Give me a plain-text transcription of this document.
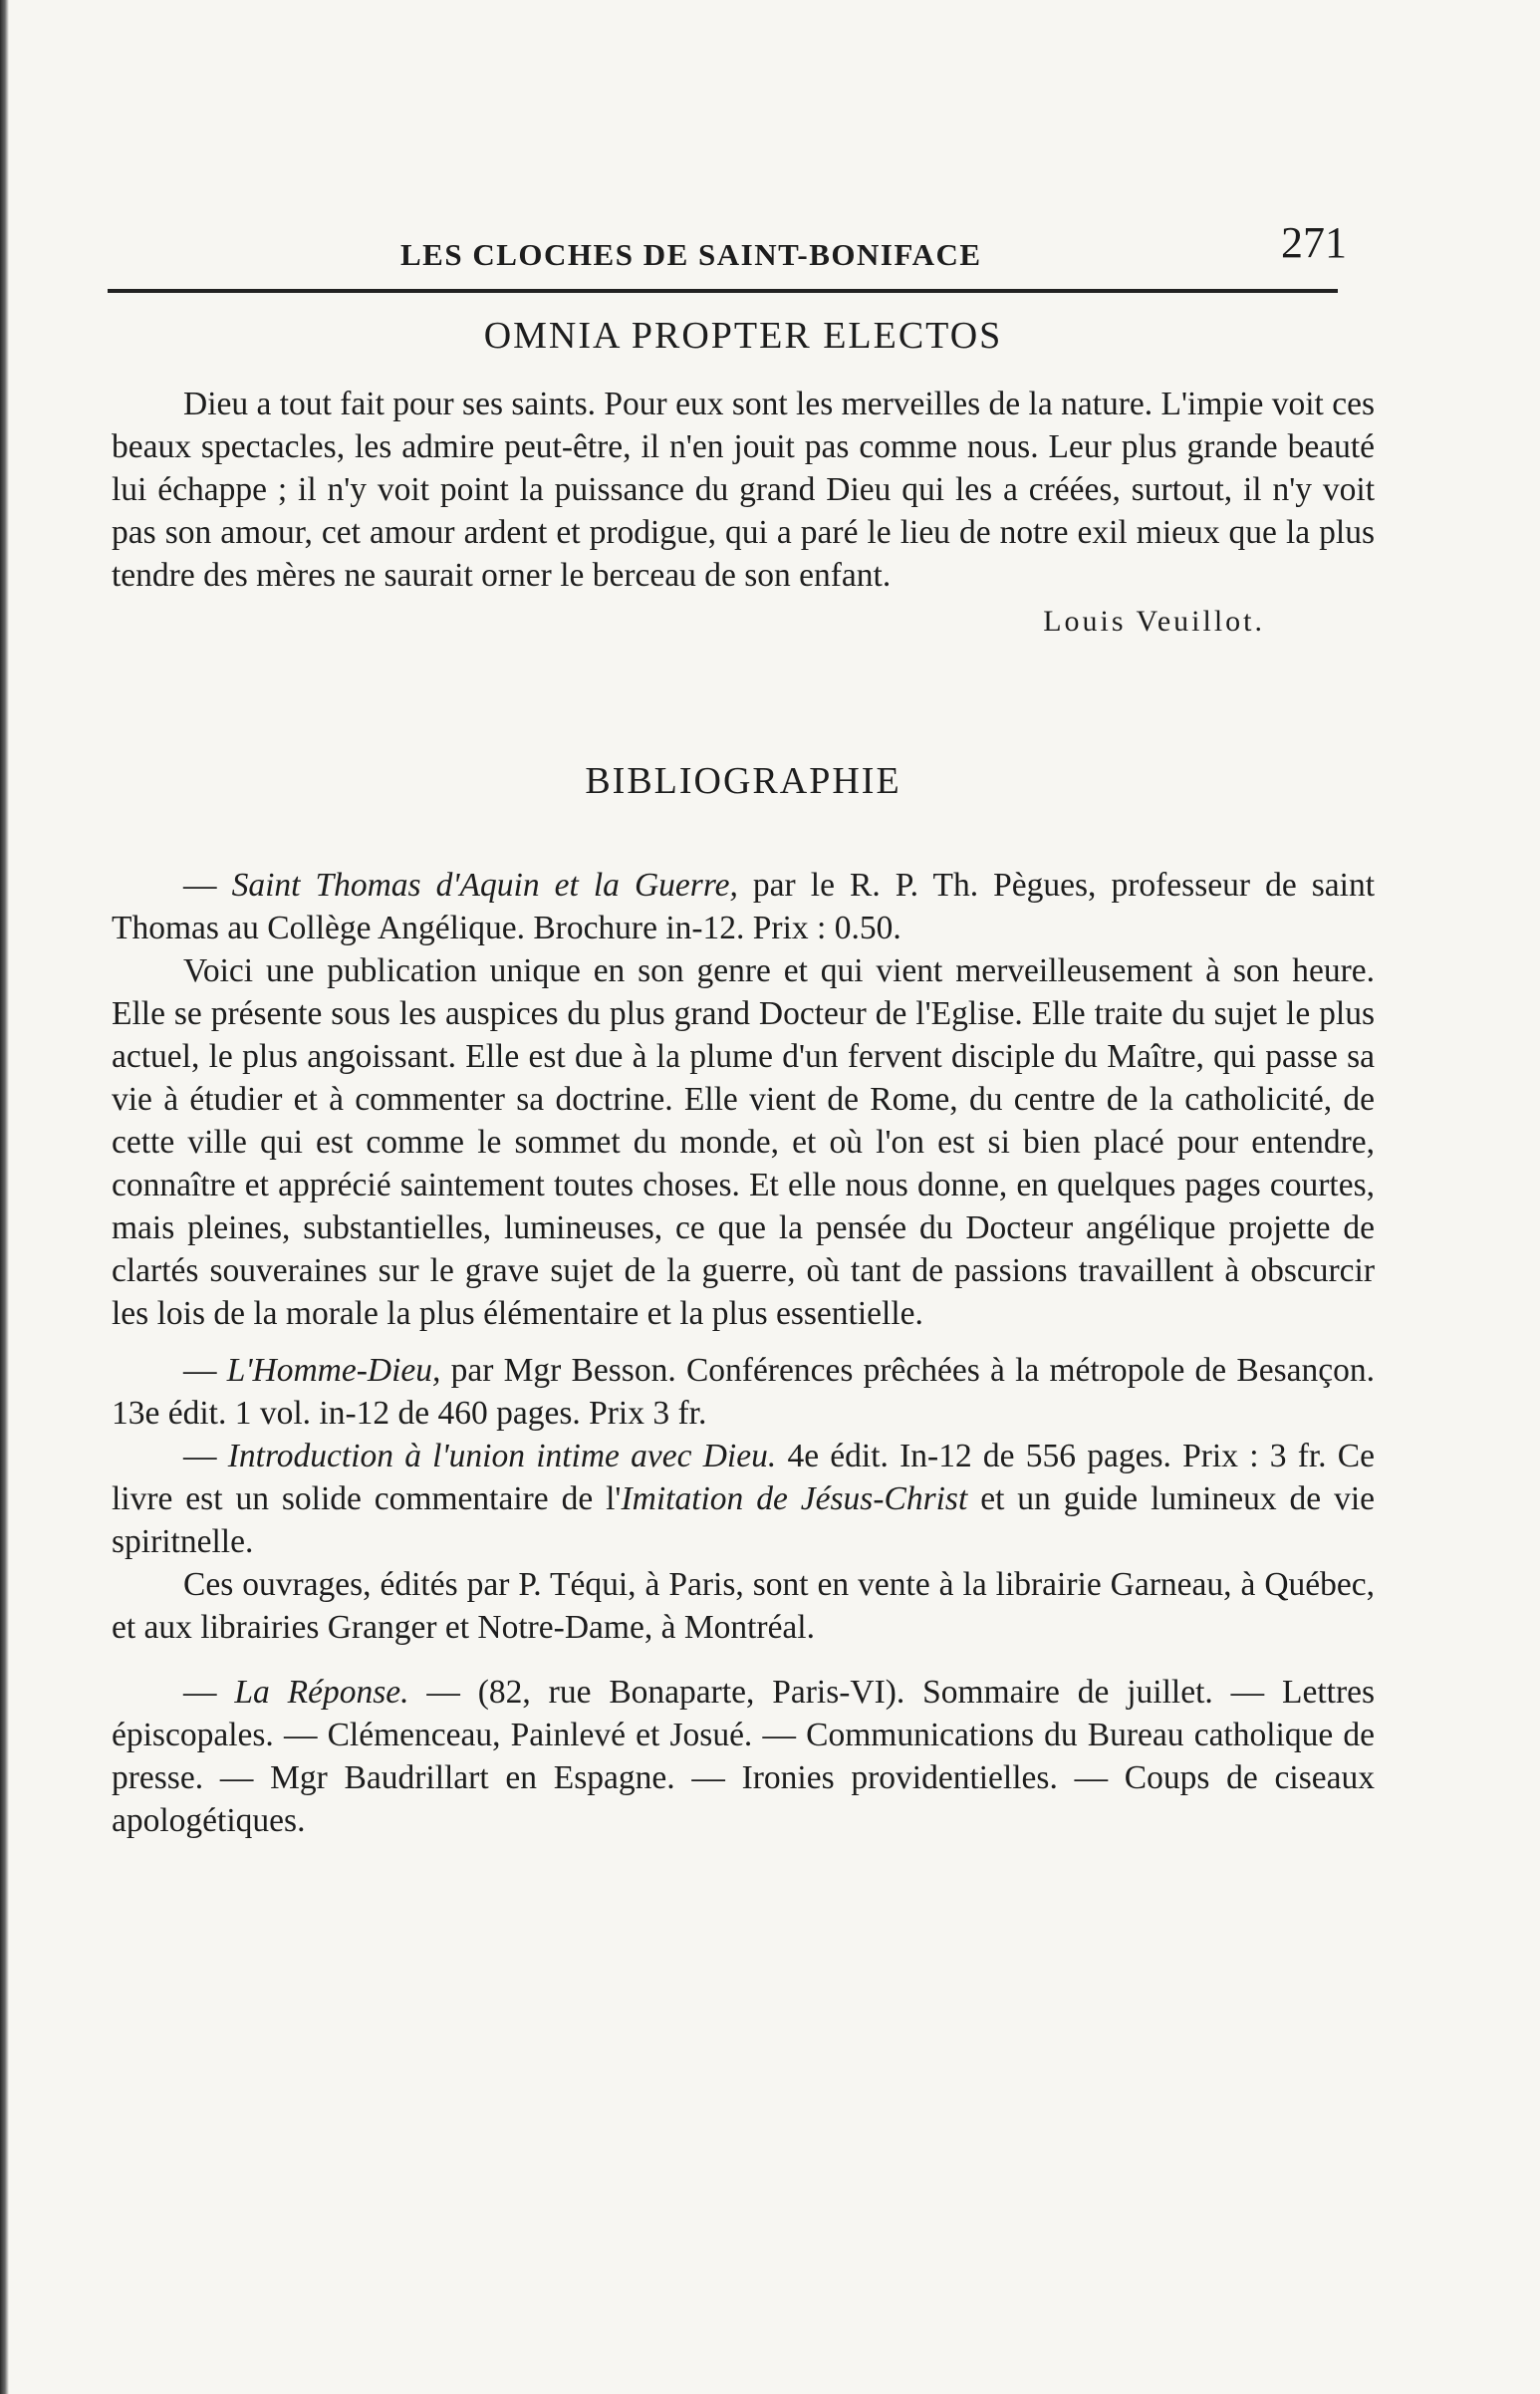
LES CLOCHES DE SAINT-BONIFACE	271
OMNIA PROPTER ELECTOS

Dieu a tout fait pour ses saints. Pour eux sont les merveilles de la nature. L'impie voit ces beaux spectacles, les admire peut-être, il n'en jouit pas comme nous. Leur plus grande beauté lui échappe ; il n'y voit point la puissance du grand Dieu qui les a créées, surtout, il n'y voit pas son amour, cet amour ardent et prodigue, qui a paré le lieu de notre exil mieux que la plus tendre des mères ne saurait orner le berceau de son enfant.

Louis Veuillot.
BIBLIOGRAPHIE

— Saint Thomas d'Aquin et la Guerre, par le R. P. Th. Pègues, professeur de saint Thomas au Collège Angélique. Brochure in-12. Prix : 0.50.

Voici une publication unique en son genre et qui vient merveilleusement à son heure. Elle se présente sous les auspices du plus grand Docteur de l'Eglise. Elle traite du sujet le plus actuel, le plus angoissant. Elle est due à la plume d'un fervent disciple du Maître, qui passe sa vie à étudier et à commenter sa doctrine. Elle vient de Rome, du centre de la catholicité, de cette ville qui est comme le sommet du monde, et où l'on est si bien placé pour entendre, connaître et apprécié saintement toutes choses. Et elle nous donne, en quelques pages courtes, mais pleines, substantielles, lumineuses, ce que la pensée du Docteur angélique projette de clartés souveraines sur le grave sujet de la guerre, où tant de passions travaillent à obscurcir les lois de la morale la plus élémentaire et la plus essentielle.

— L'Homme-Dieu, par Mgr Besson. Conférences prêchées à la métropole de Besançon. 13e édit. 1 vol. in-12 de 460 pages. Prix 3 fr.

— Introduction à l'union intime avec Dieu. 4e édit. In-12 de 556 pages. Prix : 3 fr. Ce livre est un solide commentaire de l'Imitation de Jésus-Christ et un guide lumineux de vie spiritnelle.

Ces ouvrages, édités par P. Téqui, à Paris, sont en vente à la librairie Garneau, à Québec, et aux librairies Granger et Notre-Dame, à Montréal.

— La Réponse. — (82, rue Bonaparte, Paris-VI). Sommaire de juillet. — Lettres épiscopales. — Clémenceau, Painlevé et Josué. — Communications du Bureau catholique de presse. — Mgr Baudrillart en Espagne. — Ironies providentielles. — Coups de ciseaux apologétiques.
